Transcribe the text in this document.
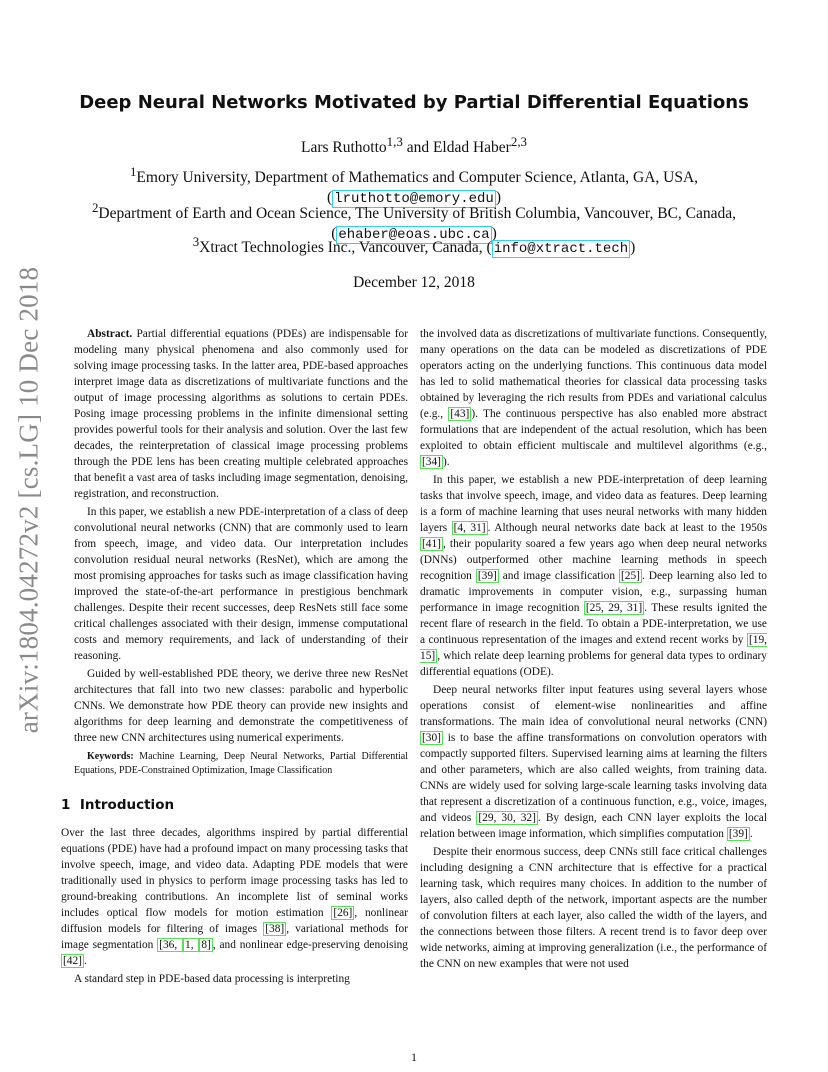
arXiv:1804.04272v2 [cs.LG] 10 Dec 2018
Deep Neural Networks Motivated by Partial Differential Equations
Lars Ruthotto$^{1,3}$ and Eldad Haber$^{2,3}$
$^1$Emory University, Department of Mathematics and Computer Science, Atlanta, GA, USA,
( lruthotto@emory.edu )
$^2$Department of Earth and Ocean Science, The University of British Columbia, Vancouver, BC, Canada,
( ehaber@eoas.ubc.ca )
$^3$Xtract Technologies Inc., Vancouver, Canada, ( info@xtract.tech )
December 12, 2018

Abstract. Partial differential equations (PDEs) are indispensable for modeling many physical phenomena and also commonly used for solving image processing tasks. In the latter area, PDE-based approaches interpret image data as discretizations of multivariate functions and the output of image processing algorithms as solutions to certain PDEs. Posing image processing problems in the infinite dimensional setting provides powerful tools for their analysis and solution. Over the last few decades, the reinterpretation of classical image processing problems through the PDE lens has been creating multiple celebrated approaches that benefit a vast area of tasks including image segmentation, denoising, registration, and reconstruction.

In this paper, we establish a new PDE-interpretation of a class of deep convolutional neural networks (CNN) that are commonly used to learn from speech, image, and video data. Our interpretation includes convolution residual neural networks (ResNet), which are among the most promising approaches for tasks such as image classification having improved the state-of-the-art performance in prestigious benchmark challenges. Despite their recent successes, deep ResNets still face some critical challenges associated with their design, immense computational costs and memory requirements, and lack of understanding of their reasoning.

Guided by well-established PDE theory, we derive three new ResNet architectures that fall into two new classes: parabolic and hyperbolic CNNs. We demonstrate how PDE theory can provide new insights and algorithms for deep learning and demonstrate the competitiveness of three new CNN architectures using numerical experiments.

Keywords: Machine Learning, Deep Neural Networks, Partial Differential Equations, PDE-Constrained Optimization, Image Classification

1 Introduction

Over the last three decades, algorithms inspired by partial differential equations (PDE) have had a profound impact on many processing tasks that involve speech, image, and video data. Adapting PDE models that were traditionally used in physics to perform image processing tasks has led to ground-breaking contributions. An incomplete list of seminal works includes optical flow models for motion estimation [26] , nonlinear diffusion models for filtering of images [38] , variational methods for image segmentation [36, 1, 8] , and nonlinear edge-preserving denoising [42] .

A standard step in PDE-based data processing is interpreting

the involved data as discretizations of multivariate functions. Consequently, many operations on the data can be modeled as discretizations of PDE operators acting on the underlying functions. This continuous data model has led to solid mathematical theories for classical data processing tasks obtained by leveraging the rich results from PDEs and variational calculus (e.g., [43] ). The continuous perspective has also enabled more abstract formulations that are independent of the actual resolution, which has been exploited to obtain efficient multiscale and multilevel algorithms (e.g., [34] ).

In this paper, we establish a new PDE-interpretation of deep learning tasks that involve speech, image, and video data as features. Deep learning is a form of machine learning that uses neural networks with many hidden layers [4, 31] . Although neural networks date back at least to the 1950s [41] , their popularity soared a few years ago when deep neural networks (DNNs) outperformed other machine learning methods in speech recognition [39] and image classification [25] . Deep learning also led to dramatic improvements in computer vision, e.g., surpassing human performance in image recognition [25, 29, 31] . These results ignited the recent flare of research in the field. To obtain a PDE-interpretation, we use a continuous representation of the images and extend recent works by [19, 15] , which relate deep learning problems for general data types to ordinary differential equations (ODE).

Deep neural networks filter input features using several layers whose operations consist of element-wise nonlinearities and affine transformations. The main idea of convolutional neural networks (CNN) [30] is to base the affine transformations on convolution operators with compactly supported filters. Supervised learning aims at learning the filters and other parameters, which are also called weights, from training data. CNNs are widely used for solving large-scale learning tasks involving data that represent a discretization of a continuous function, e.g., voice, images, and videos [29, 30, 32] . By design, each CNN layer exploits the local relation between image information, which simplifies computation [39] .

Despite their enormous success, deep CNNs still face critical challenges including designing a CNN architecture that is effective for a practical learning task, which requires many choices. In addition to the number of layers, also called depth of the network, important aspects are the number of convolution filters at each layer, also called the width of the layers, and the connections between those filters. A recent trend is to favor deep over wide networks, aiming at improving generalization (i.e., the performance of the CNN on new examples that were not used

1
